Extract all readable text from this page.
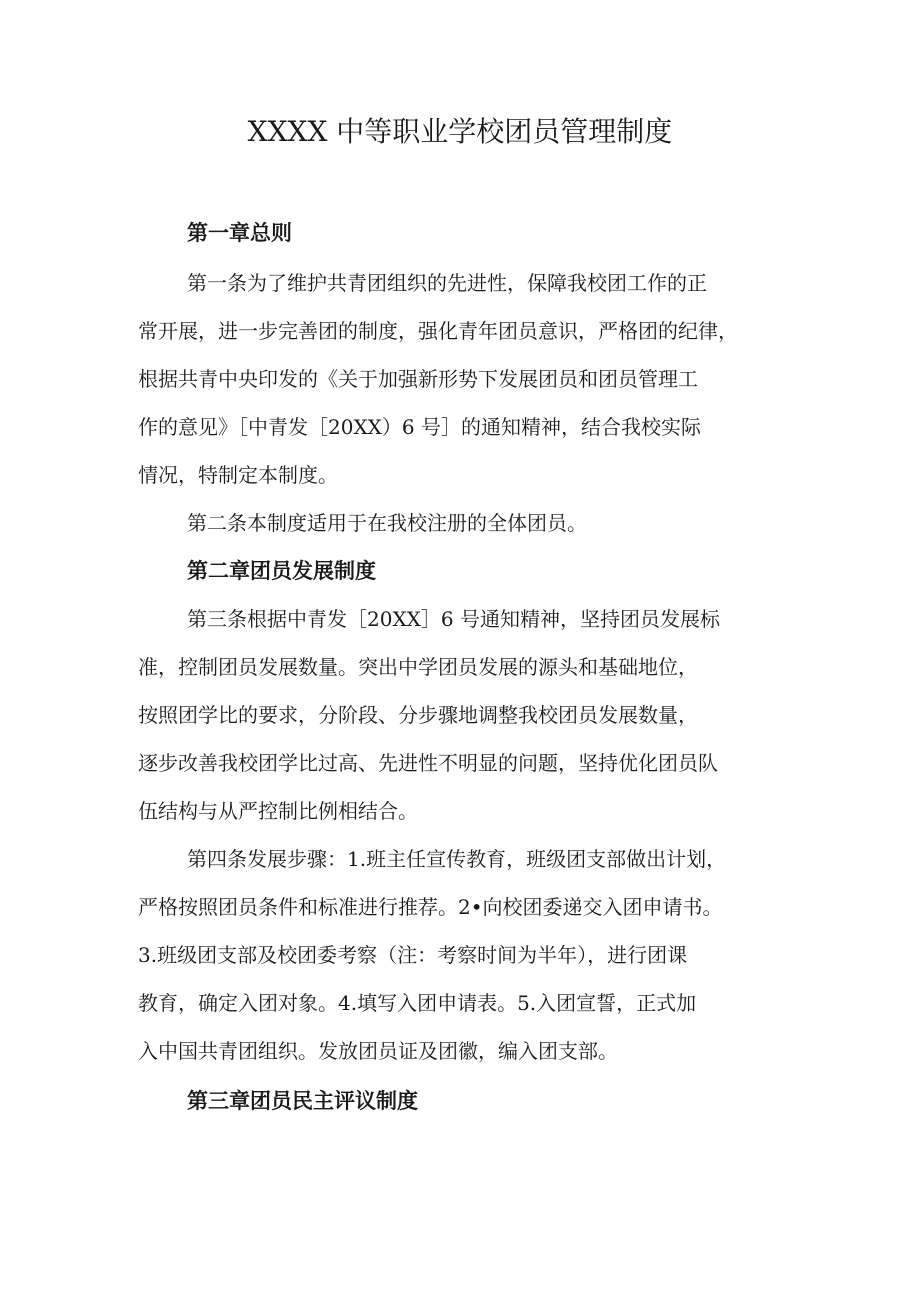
XXXX 中等职业学校团员管理制度
第一章总则
第一条为了维护共青团组织的先进性，保障我校团工作的正
常开展，进一步完善团的制度，强化青年团员意识，严格团的纪律，
根据共青中央印发的《关于加强新形势下发展团员和团员管理工
作的意见》［中青发［20XX）6 号］的通知精神，结合我校实际
情况，特制定本制度。
第二条本制度适用于在我校注册的全体团员。
第二章团员发展制度
第三条根据中青发［20XX］6 号通知精神，坚持团员发展标
准，控制团员发展数量。突出中学团员发展的源头和基础地位，
按照团学比的要求，分阶段、分步骤地调整我校团员发展数量，
逐步改善我校团学比过高、先进性不明显的问题，坚持优化团员队
伍结构与从严控制比例相结合。
第四条发展步骤：1.班主任宣传教育，班级团支部做出计划，
严格按照团员条件和标准进行推荐。2•向校团委递交入团申请书。
3.班级团支部及校团委考察（注：考察时间为半年），进行团课
教育，确定入团对象。4.填写入团申请表。5.入团宣誓，正式加
入中国共青团组织。发放团员证及团徽，编入团支部。
第三章团员民主评议制度
